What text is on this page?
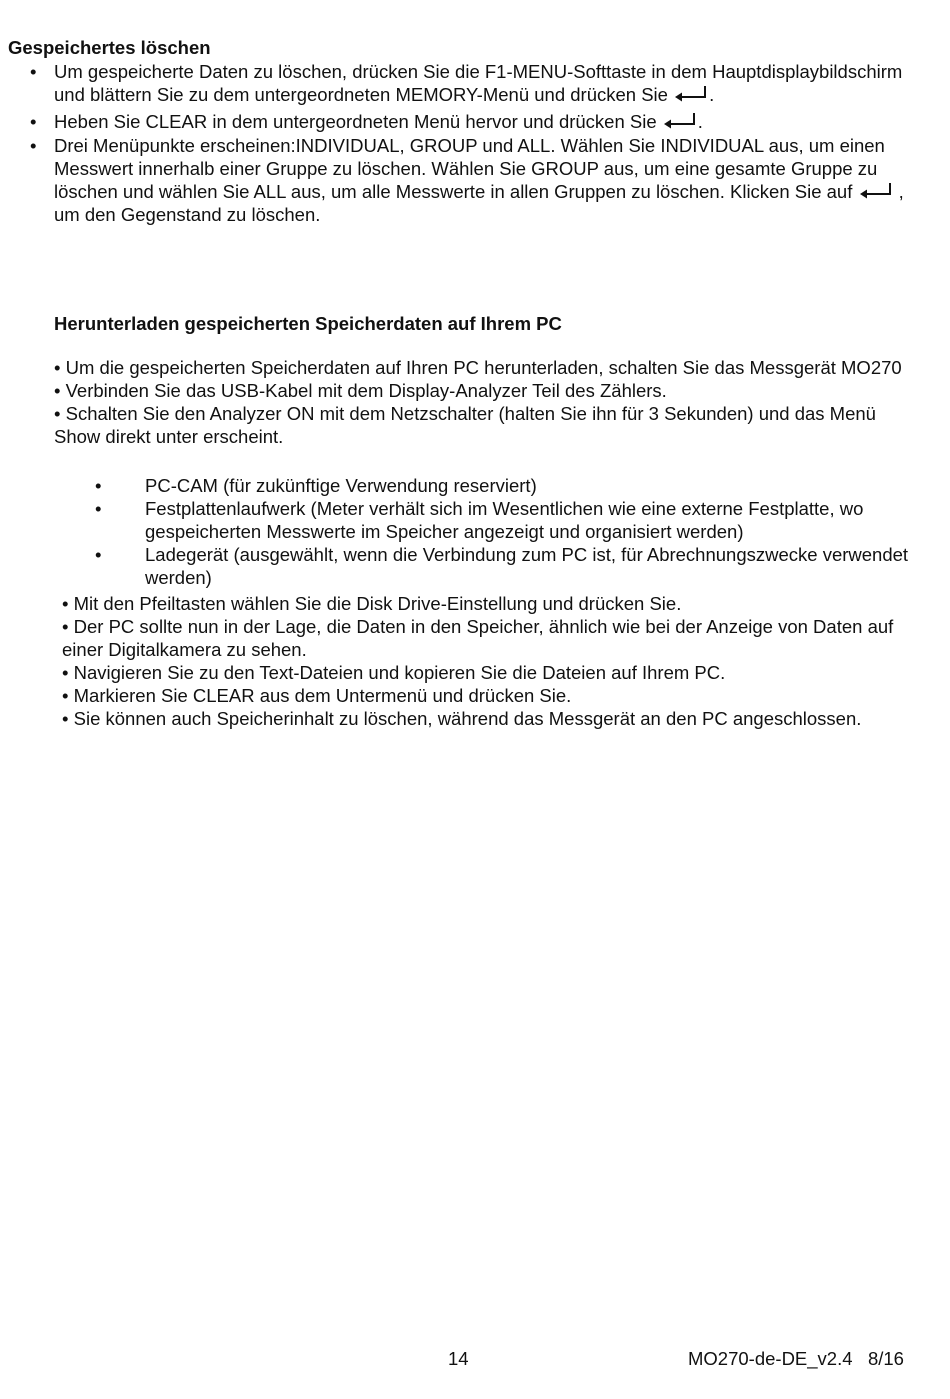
Gespeichertes löschen
• Um gespeicherte Daten zu löschen, drücken Sie die F1-MENU-Softtaste in dem Hauptdisplaybildschirm und blättern Sie zu dem untergeordneten MEMORY-Menü und drücken Sie .
• Heben Sie CLEAR in dem untergeordneten Menü hervor und drücken Sie .
• Drei Menüpunkte erscheinen:INDIVIDUAL, GROUP und ALL. Wählen Sie INDIVIDUAL aus, um einen Messwert innerhalb einer Gruppe zu löschen. Wählen Sie GROUP aus, um eine gesamte Gruppe zu löschen und wählen Sie ALL aus, um alle Messwerte in allen Gruppen zu löschen. Klicken Sie auf  , um den Gegenstand zu löschen.
Herunterladen gespeicherten Speicherdaten auf Ihrem PC
• Um die gespeicherten Speicherdaten auf Ihren PC herunterladen, schalten Sie das Messgerät MO270
• Verbinden Sie das USB-Kabel mit dem Display-Analyzer Teil des Zählers.
• Schalten Sie den Analyzer ON mit dem Netzschalter (halten Sie ihn für 3 Sekunden) und das Menü Show direkt unter erscheint.
• PC-CAM (für zukünftige Verwendung reserviert)
• Festplattenlaufwerk (Meter verhält sich im Wesentlichen wie eine externe Festplatte, wo gespeicherten Messwerte im Speicher angezeigt und organisiert werden)
• Ladegerät (ausgewählt, wenn die Verbindung zum PC ist, für Abrechnungszwecke verwendet werden)
• Mit den Pfeiltasten wählen Sie die Disk Drive-Einstellung und drücken Sie.
• Der PC sollte nun in der Lage, die Daten in den Speicher, ähnlich wie bei der Anzeige von Daten auf einer Digitalkamera zu sehen.
• Navigieren Sie zu den Text-Dateien und kopieren Sie die Dateien auf Ihrem PC.
• Markieren Sie CLEAR aus dem Untermenü und drücken Sie.
• Sie können auch Speicherinhalt zu löschen, während das Messgerät an den PC angeschlossen.
14	MO270-de-DE_v2.4   8/16
